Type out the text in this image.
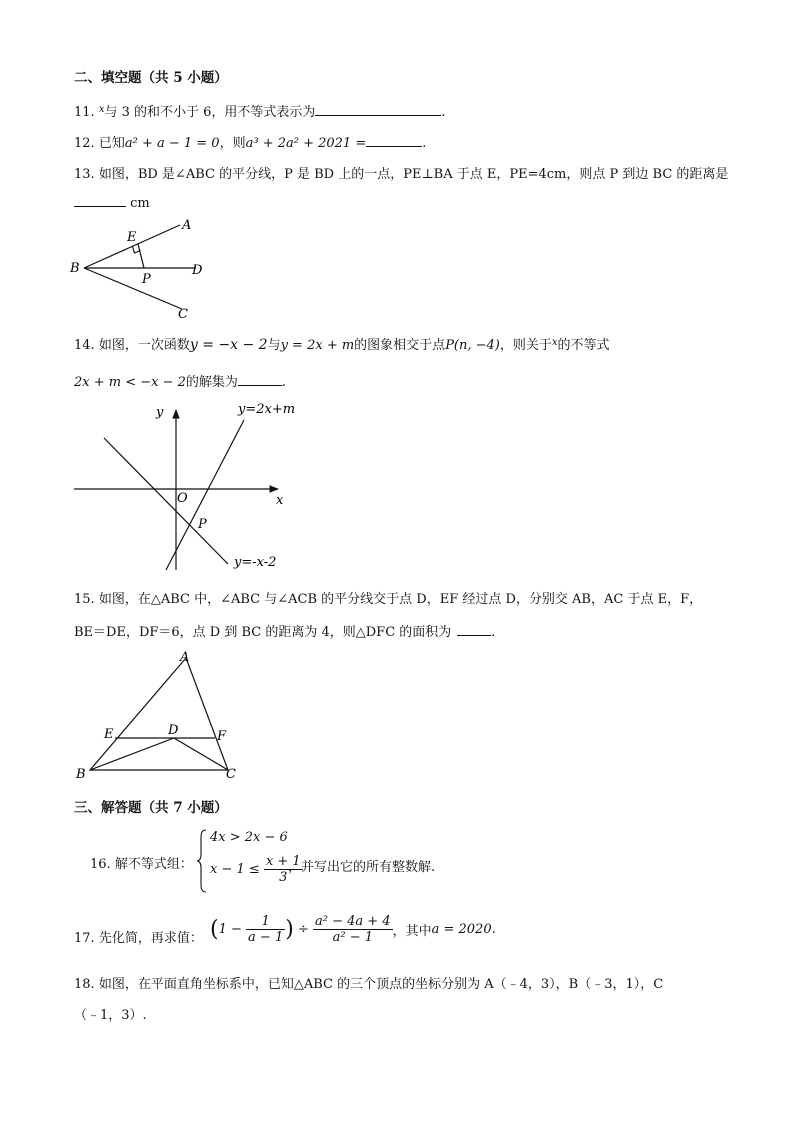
二、填空题（共 5 小题）
11. $^x$与 3 的和不小于 6，用不等式表示为	.
12. 已知a² + a − 1 = 0，则a³ + 2a² + 2021 =	.
13. 如图，BD 是∠ABC 的平分线，P 是 BD 上的一点，PE⊥BA 于点 E，PE=4cm，则点 P 到边 BC 的距离是
cm
B
A
D
C
E
P
14. 如图，一次函数y = −x − 2与y = 2x + m的图象相交于点P(n, −4)，则关于$^x$的不等式
2x + m < −x − 2的解集为	.
y
x
O
P
y=2x+m
y=-x-2
15. 如图，在△ABC 中，∠ABC 与∠ACB 的平分线交于点 D，EF 经过点 D，分别交 AB，AC 于点 E，F，
BE＝DE，DF＝6，点 D 到 BC 的距离为 4，则△DFC 的面积为	.
A
B	C
D
E	F
三、解答题（共 7 小题）
16. 解不等式组：
4x > 2x − 6
$x - 1 \le \frac{x + 1}{3}$
，并写出它的所有整数解.
17. 先化简，再求值： ($1 - \frac{1}{a - 1}$ ) ÷ $\frac{\text{a² − 4a + 4}}{\text{a² − 1}}$ ，其中a = 2020.
18. 如图，在平面直角坐标系中，已知△ABC 的三个顶点的坐标分别为 A（﹣4，3），B（﹣3，1），C
（﹣1，3）.
